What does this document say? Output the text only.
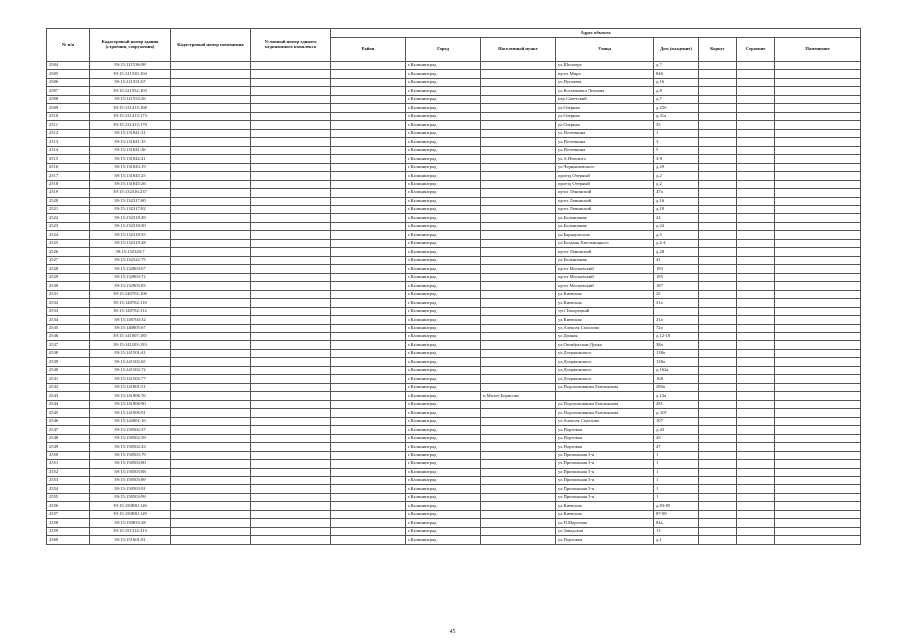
№ п/п	Кадастровый номер здания (строения, сооружения)	Кадастровый номер помещения	Условный номер единого недвижимого комплекса	Адрес объекта							
				Район	Город	Населенный пункт	Улица	Дом (владение)	Корпус	Строение	Помещение
2504	39:15:121536:98				г.Калининград		ул.Шиллера	д.7			
2505	39:15:121539:104				г.Калининград		пр-кт Мира	84б			
2506	39:15:121551:67				г.Калининград		ул.Пугачева	д.16			
2507	39:15:121552:103				г.Калининград		ул.Космонавта Леонова	д.8			
2508	39:15:121553:26				г.Калининград		пер.Советский	д.7			
2509	39:15:131413:168				г.Калининград		ул.Озерная	д.25б			
2510	39:15:131413:173				г.Калининград		ул.Озерная	д.31а			
2511	39:15:131413:179				г.Калининград		ул.Озерная	35			
2512	39:15:131841:31				г.Калининград		ул.Потемкина	1			
2513	39:15:131841:35				г.Калининград		ул.Потемкина	3			
2514	39:15:131841:36				г.Калининград		ул.Потемкина	5			
2515	39:15:131842:41				г.Калининград		ул.А.Невского	3-9			
2516	39:15:131843:19				г.Калининград		ул.Чернышевского	д.29			
2517	39:15:131845:25				г.Калининград		проезд Озерный	д.2			
2518	39:15:131845:26				г.Калининград		проезд Озерный	д.2			
2519	39:15:132316:237				г.Калининград		пр-кт Ленинский	47а			
2520	39:15:132317:80				г.Калининград		пр-кт Ленинский	д.16			
2521	39:15:132317:82				г.Калининград		пр-кт Ленинский	д.18			
2522	39:15:132318:49				г.Калининград		ул.Больничная	24			
2523	39:15:132318:50				г.Калининград		ул.Больничная	д.24			
2524	39:15:132318:55				г.Калининград		ул.Барнаульская	д.5			
2525	39:15:132319:28				г.Калининград		ул.Богдана Хмельницкого	д.2-4			
2526	39:15:132320:7				г.Калининград		пр-кт Ленинский	д.28			
2527	39:15:132322:75				г.Калининград		ул.Больничная	41			
2528	39:15:132903:67				г.Калининград		пр-кт Московский	183			
2529	39:15:132903:72				г.Калининград		пр-кт Московский	185			
2530	39:15:132903:83				г.Калининград		пр-кт Московский	187			
2531	39:15:140702:106				г.Калининград		ул.Киевская	25			
2532	39:15:140702:110				г.Калининград		ул.Киевская	31а			
2533	39:15:140702:112				г.Калининград		туп.Тихорецкий				
2534	39:15:140704:32				г.Калининград		ул.Киевская	21а			
2535	39:15:140805:67				г.Калининград		ул.Алексея Сміллова	72а			
2536	39:15:141007:185				г.Калининград		ул.Дачная	д.12-18			
2537	39:15:141103:193				г.Калининград		ул.Октябрьская-Дунка	38а			
2538	39:15:141501:41				г.Калининград		ул.Дзержинского	138а			
2539	39:15:141502:65				г.Калининград		ул.Дзержинского	138а			
2540	39:15:141502:72				г.Калининград		ул.Дзержинского	д.162а			
2541	39:15:141502:77				г.Калининград		ул.Дзержинского	168			
2542	39:15:141801:51				г.Калининград		ул.Подполковника Емельянова	280а			
2543	39:15:141906:76				г.Калининград	п.Малое Борисово		д.13а			
2544	39:15:141906:90				г.Калининград		ул.Подполковника Емельянова	281			
2545	39:15:141906:91				г.Калининград		ул.Подполковника Емельянова	д.319			
2546	39:15:142001:16				г.Калининград		ул.Алексея Сміллова	107			
2547	39:15:150502:37				г.Калининград		ул.Портовая	д.43			
2548	39:15:150502:39				г.Калининград		ул.Портовая	45			
2549	39:15:150502:43				г.Калининград		ул.Портовая	47			
2550	39:15:150503:79				г.Калининград		ул.Причальная 5-я	1			
2551	39:15:150503:80				г.Калининград		ул.Причальная 5-я	1			
2552	39:15:150503:88				г.Калининград		ул.Причальная 5-я	1			
2553	39:15:150503:89				г.Калининград		ул.Причальная 5-я	1			
2554	39:15:150503:91				г.Калининград		ул.Причальная 5-я	1			
2555	39:15:150503:99				г.Калининград		ул.Причальная 5-я	1			
2556	39:15:150830:126				г.Калининград		ул.Киевская	д.83-85			
2557	39:15:150830:129				г.Калининград		ул.Киевская	87-89			
2558	39:15:150833:28				г.Калининград		ул.П.Морозова	84а			
2559	39:15:151314:313				г.Калининград		ул.Заводская	13			
2560	39:15:151601:81				г.Калининград		ул.Портовая	д.1			
45
